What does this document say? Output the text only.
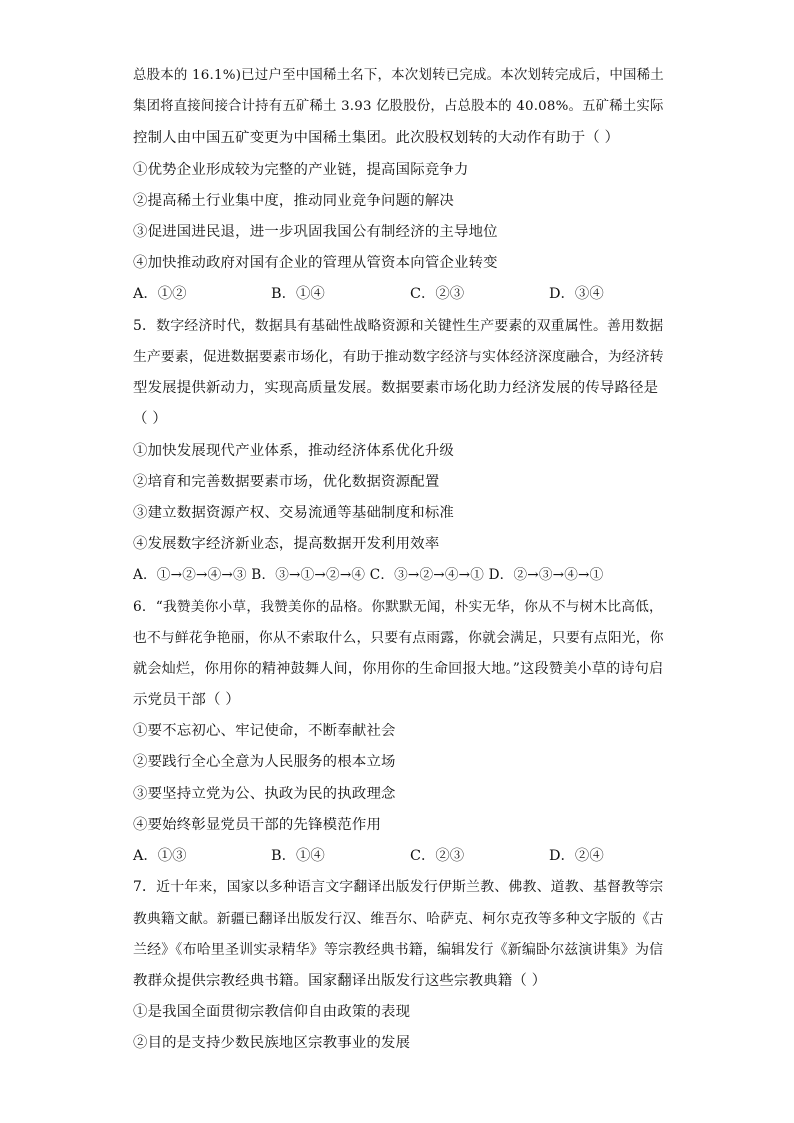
总股本的 16.1%)已过户至中国稀土名下，本次划转已完成。本次划转完成后，中国稀土
集团将直接间接合计持有五矿稀土 3.93 亿股股份，占总股本的 40.08%。五矿稀土实际
控制人由中国五矿变更为中国稀土集团。此次股权划转的大动作有助于（ ）
①优势企业形成较为完整的产业链，提高国际竞争力
②提高稀土行业集中度，推动同业竞争问题的解决
③促进国进民退，进一步巩固我国公有制经济的主导地位
④加快推动政府对国有企业的管理从管资本向管企业转变
A．①②	B．①④	C．②③	D．③④
5．数字经济时代，数据具有基础性战略资源和关键性生产要素的双重属性。善用数据
生产要素，促进数据要素市场化，有助于推动数字经济与实体经济深度融合，为经济转
型发展提供新动力，实现高质量发展。数据要素市场化助力经济发展的传导路径是
（ ）
①加快发展现代产业体系，推动经济体系优化升级
②培育和完善数据要素市场，优化数据资源配置
③建立数据资源产权、交易流通等基础制度和标准
④发展数字经济新业态，提高数据开发利用效率
A．①→②→④→③ B．③→①→②→④ C．③→②→④→① D．②→③→④→①
6．“我赞美你小草，我赞美你的品格。你默默无闻，朴实无华，你从不与树木比高低，
也不与鲜花争艳丽，你从不索取什么，只要有点雨露，你就会满足，只要有点阳光，你
就会灿烂，你用你的精神鼓舞人间，你用你的生命回报大地。”这段赞美小草的诗句启
示党员干部（ ）
①要不忘初心、牢记使命，不断奉献社会
②要践行全心全意为人民服务的根本立场
③要坚持立党为公、执政为民的执政理念
④要始终彰显党员干部的先锋模范作用
A．①③	B．①④	C．②③	D．②④
7．近十年来，国家以多种语言文字翻译出版发行伊斯兰教、佛教、道教、基督教等宗
教典籍文献。新疆已翻译出版发行汉、维吾尔、哈萨克、柯尔克孜等多种文字版的《古
兰经》《布哈里圣训实录精华》等宗教经典书籍，编辑发行《新编卧尔兹演讲集》为信
教群众提供宗教经典书籍。国家翻译出版发行这些宗教典籍（ ）
①是我国全面贯彻宗教信仰自由政策的表现
②目的是支持少数民族地区宗教事业的发展
